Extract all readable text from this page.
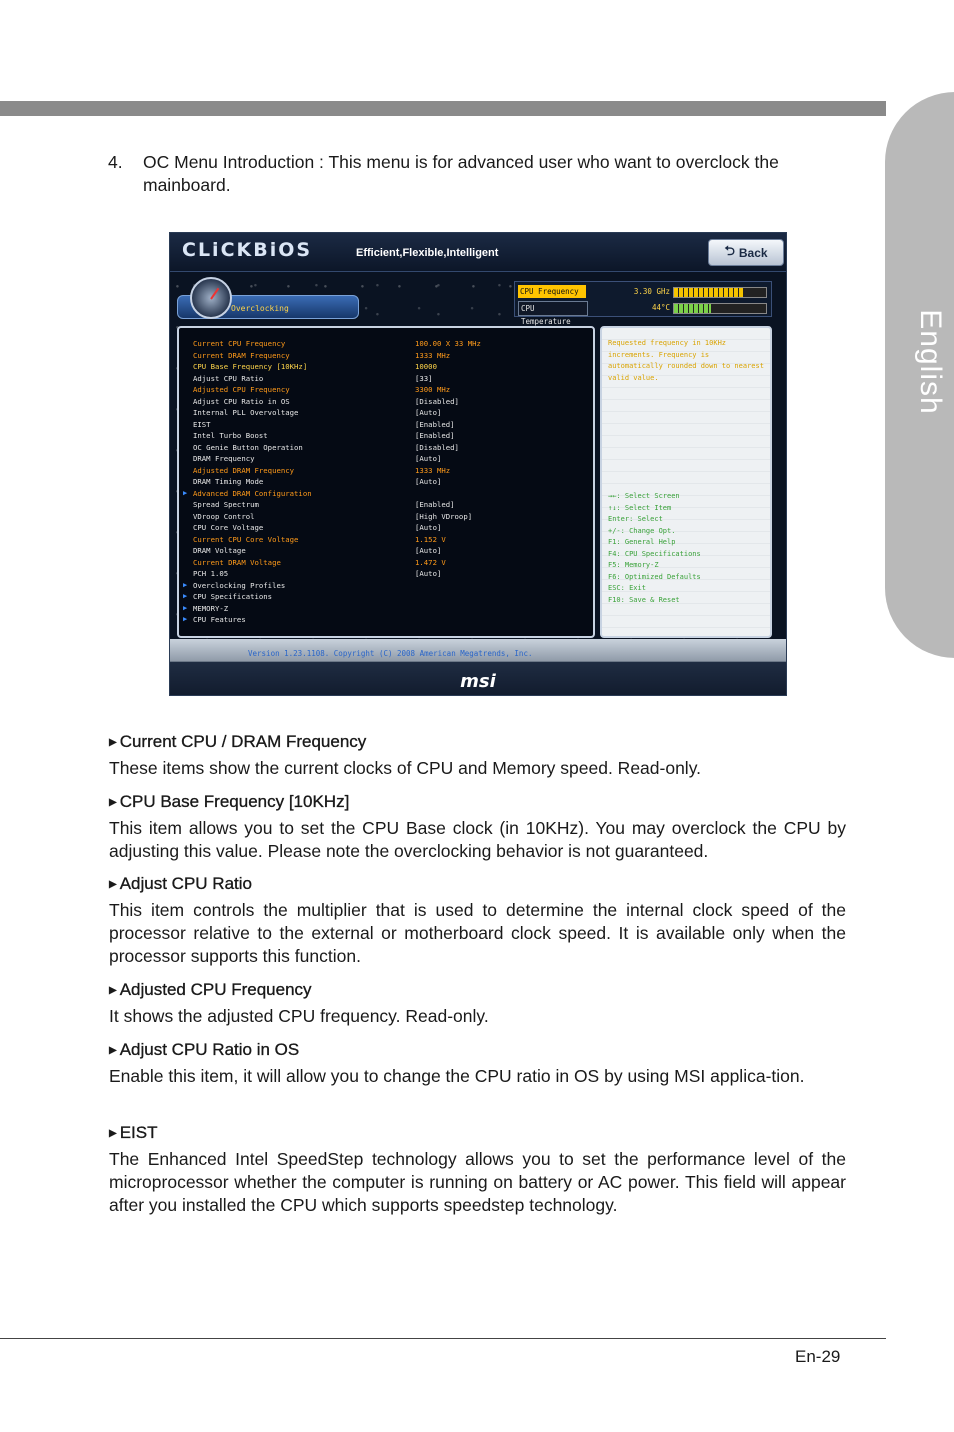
English
4. OC Menu Introduction : This menu is for advanced user who want to overclock the mainboard.
CLiCKBiOS	Efficient,Flexible,Intelligent	⮌ Back
Overclocking
CPU Frequency	3.30 GHz
CPU Temperature
44°C
Current CPU Frequency	100.00 X 33 MHz
Current DRAM Frequency	1333 MHz
CPU Base Frequency [10KHz]	10000
Adjust CPU Ratio	[33]
Adjusted CPU Frequency	3300 MHz
Adjust CPU Ratio in OS	[Disabled]
Internal PLL Overvoltage	[Auto]
EIST	[Enabled]
Intel Turbo Boost	[Enabled]
OC Genie Button Operation	[Disabled]
DRAM Frequency	[Auto]
Adjusted DRAM Frequency	1333 MHz
DRAM Timing Mode	[Auto]
▶ Advanced DRAM Configuration
Spread Spectrum	[Enabled]
VDroop Control	[High VDroop]
CPU Core Voltage	[Auto]
Current CPU Core Voltage	1.152 V
DRAM Voltage	[Auto]
Current DRAM Voltage	1.472 V
PCH 1.05	[Auto]
▶ Overclocking Profiles
▶ CPU Specifications
▶ MEMORY-Z
▶ CPU Features
Requested frequency in 10KHz increments. Frequency is automatically rounded down to nearest valid value.
→←: Select Screen
↑↓: Select Item
Enter: Select
+/-: Change Opt.
F1: General Help
F4: CPU Specifications
F5: Memory-Z
F6: Optimized Defaults
ESC: Exit
F10: Save & Reset
Version 1.23.1108. Copyright (C) 2008 American Megatrends, Inc.
msi
▶ Current CPU / DRAM Frequency
These items show the current clocks of CPU and Memory speed. Read-only.
▶ CPU Base Frequency [10KHz]
This item allows you to set the CPU Base clock (in 10KHz). You may overclock the CPU by adjusting this value. Please note the overclocking behavior is not guaranteed.
▶ Adjust CPU Ratio
This item controls the multiplier that is used to determine the internal clock speed of the processor relative to the external or motherboard clock speed. It is available only when the processor supports this function.
▶ Adjusted CPU Frequency
It shows the adjusted CPU frequency. Read-only.
▶ Adjust CPU Ratio in OS
Enable this item, it will allow you to change the CPU ratio in OS by using MSI applica-tion.
▶ EIST
The Enhanced Intel SpeedStep technology allows you to set the performance level of the microprocessor whether the computer is running on battery or AC power. This field will appear after you installed the CPU which supports speedstep technology.
En-29
